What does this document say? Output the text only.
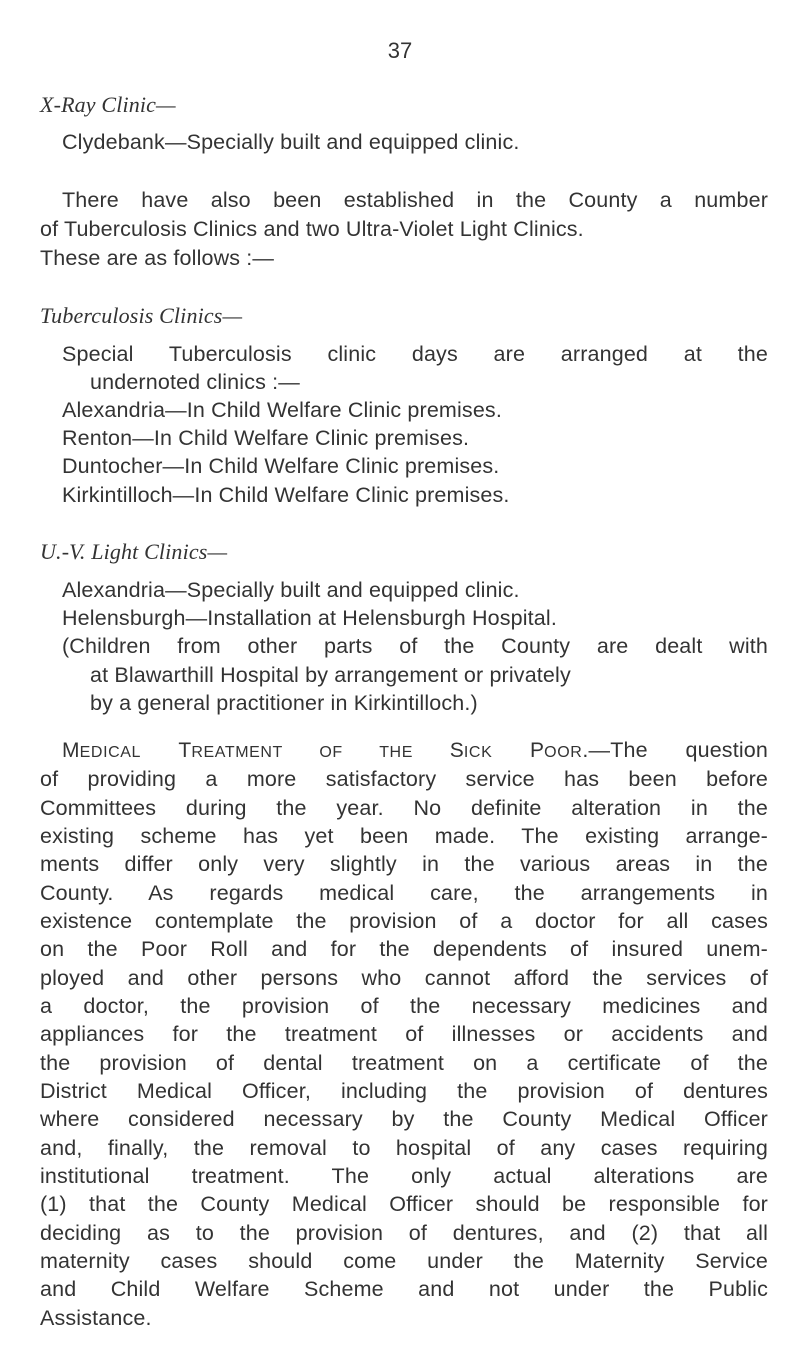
37
X-Ray Clinic—
Clydebank—Specially built and equipped clinic.
There have also been established in the County a number
of Tuberculosis Clinics and two Ultra-Violet Light Clinics.
These are as follows :—
Tuberculosis Clinics—
Special Tuberculosis clinic days are arranged at the
undernoted clinics :—
Alexandria—In Child Welfare Clinic premises.
Renton—In Child Welfare Clinic premises.
Duntocher—In Child Welfare Clinic premises.
Kirkintilloch—In Child Welfare Clinic premises.
U.-V. Light Clinics—
Alexandria—Specially built and equipped clinic.
Helensburgh—Installation at Helensburgh Hospital.
(Children from other parts of the County are dealt with
at Blawarthill Hospital by arrangement or privately
by a general practitioner in Kirkintilloch.)
MEDICAL TREATMENT OF THE SICK POOR.—The question
of providing a more satisfactory service has been before
Committees during the year. No definite alteration in the
existing scheme has yet been made. The existing arrange-
ments differ only very slightly in the various areas in the
County. As regards medical care, the arrangements in
existence contemplate the provision of a doctor for all cases
on the Poor Roll and for the dependents of insured unem-
ployed and other persons who cannot afford the services of
a doctor, the provision of the necessary medicines and
appliances for the treatment of illnesses or accidents and
the provision of dental treatment on a certificate of the
District Medical Officer, including the provision of dentures
where considered necessary by the County Medical Officer
and, finally, the removal to hospital of any cases requiring
institutional treatment. The only actual alterations are
(1) that the County Medical Officer should be responsible for
deciding as to the provision of dentures, and (2) that all
maternity cases should come under the Maternity Service
and Child Welfare Scheme and not under the Public
Assistance.
